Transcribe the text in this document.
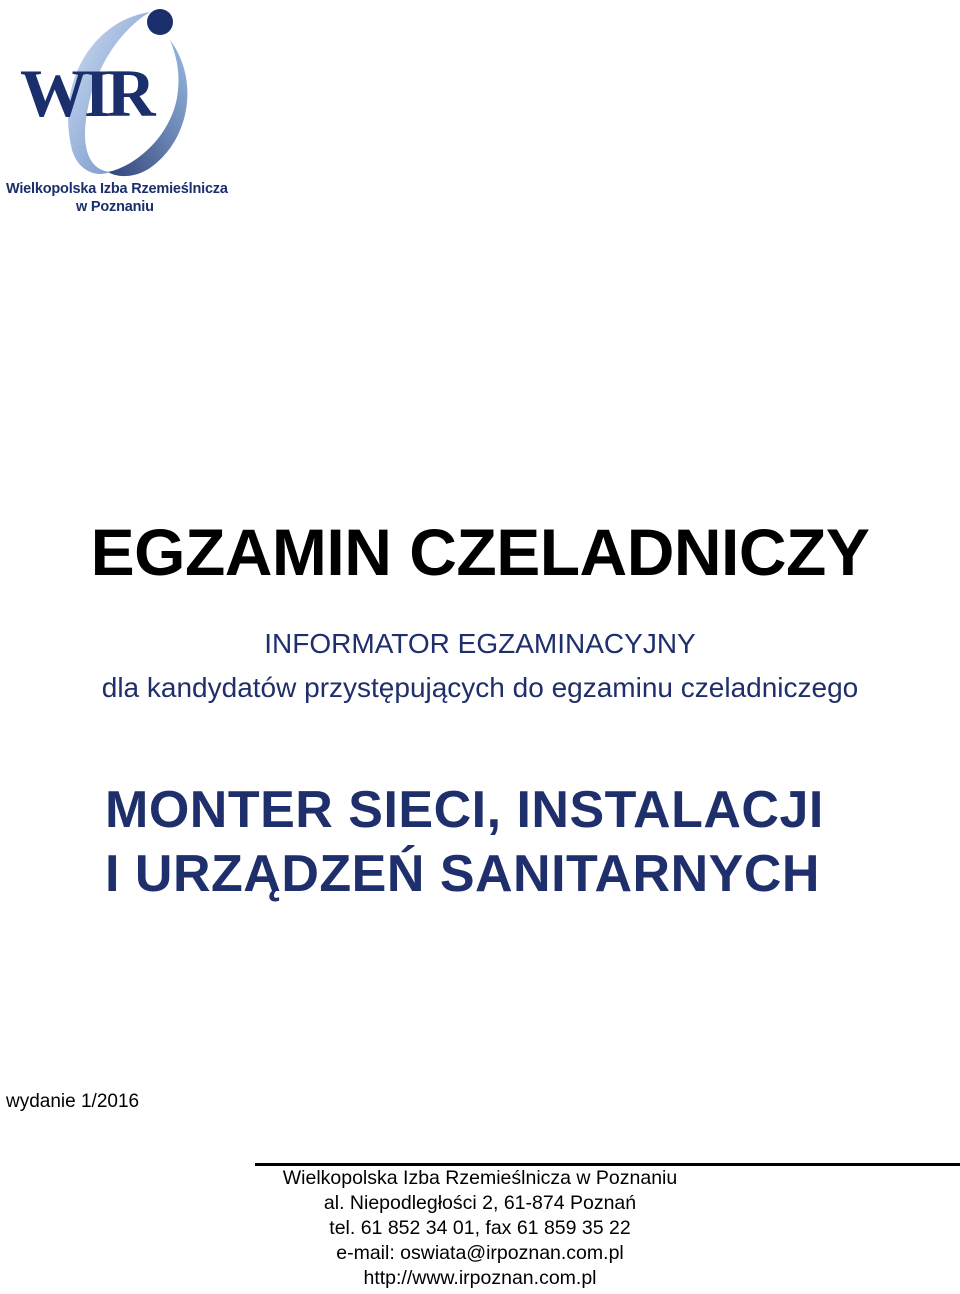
WIR
Wielkopolska Izba Rzemieślnicza
w Poznaniu
EGZAMIN CZELADNICZY
INFORMATOR EGZAMINACYJNY
dla kandydatów przystępujących do egzaminu czeladniczego
MONTER SIECI, INSTALACJI
I URZĄDZEŃ SANITARNYCH
wydanie 1/2016
Wielkopolska Izba Rzemieślnicza w Poznaniu
al. Niepodległości 2, 61-874 Poznań
tel. 61 852 34 01, fax 61 859 35 22
e-mail: oswiata@irpoznan.com.pl
http://www.irpoznan.com.pl
